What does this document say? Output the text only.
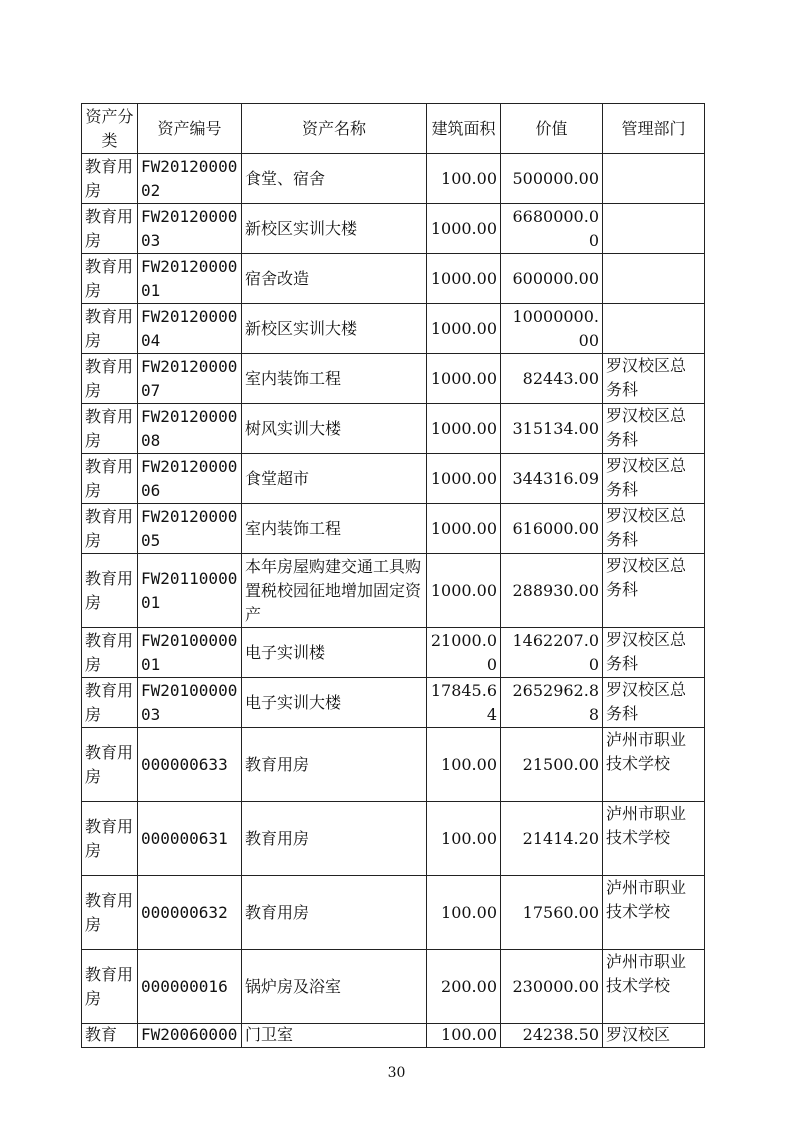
资产分类	资产编号	资产名称	建筑面积	价值	管理部门
教育用房	FW2012000002	食堂、宿舍	100.00	500000.00	
教育用房	FW2012000003	新校区实训大楼	1000.00	6680000.00	
教育用房	FW2012000001	宿舍改造	1000.00	600000.00	
教育用房	FW2012000004	新校区实训大楼	1000.00	10000000.00	
教育用房	FW2012000007	室内装饰工程	1000.00	82443.00	罗汉校区总务科
教育用房	FW2012000008	树风实训大楼	1000.00	315134.00	罗汉校区总务科
教育用房	FW2012000006	食堂超市	1000.00	344316.09	罗汉校区总务科
教育用房	FW2012000005	室内装饰工程	1000.00	616000.00	罗汉校区总务科
教育用房	FW2011000001	本年房屋购建交通工具购置税校园征地增加固定资产	1000.00	288930.00	罗汉校区总务科
教育用房	FW2010000001	电子实训楼	21000.00	1462207.00	罗汉校区总务科
教育用房	FW2010000003	电子实训大楼	17845.64	2652962.88	罗汉校区总务科
教育用房	000000633	教育用房	100.00	21500.00	泸州市职业技术学校
教育用房	000000631	教育用房	100.00	21414.20	泸州市职业技术学校
教育用房	000000632	教育用房	100.00	17560.00	泸州市职业技术学校
教育用房	000000016	锅炉房及浴室	200.00	230000.00	泸州市职业技术学校
教育	FW20060000	门卫室	100.00	24238.50	罗汉校区
30
